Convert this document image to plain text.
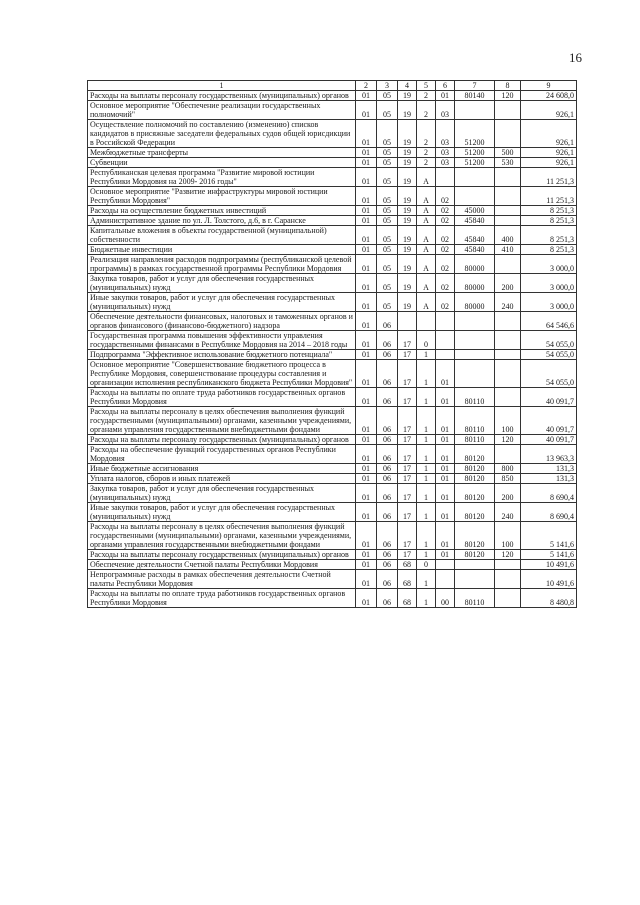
16
1	2	3	4	5	6	7	8	9
Расходы на выплаты персоналу государственных (муниципальных) органов	01	05	19	2	01	80140	120	24 608,0
Основное мероприятие "Обеспечение реализации государственных полномочий"	01	05	19	2	03			926,1
Осуществление полномочий по составлению (изменению) списков кандидатов в присяжные заседатели федеральных судов общей юрисдикции в Российской Федерации	01	05	19	2	03	51200		926,1
Межбюджетные трансферты	01	05	19	2	03	51200	500	926,1
Субвенции	01	05	19	2	03	51200	530	926,1
Республиканская целевая программа "Развитие мировой юстиции Республики Мордовия на 2009- 2016 годы"	01	05	19	А				11 251,3
Основное мероприятие "Развитие инфраструктуры мировой юстиции Республики Мордовия"	01	05	19	А	02			11 251,3
Расходы на осуществление бюджетных инвестиций	01	05	19	А	02	45000		8 251,3
Административное здание по ул. Л. Толстого, д.6, в г. Саранске	01	05	19	А	02	45840		8 251,3
Капитальные вложения в объекты государственной (муниципальной) собственности	01	05	19	А	02	45840	400	8 251,3
Бюджетные инвестиции	01	05	19	А	02	45840	410	8 251,3
Реализация направления расходов подпрограммы (республиканской целевой программы) в рамках государственной программы Республики Мордовия	01	05	19	А	02	80000		3 000,0
Закупка товаров, работ и услуг для обеспечения государственных (муниципальных) нужд	01	05	19	А	02	80000	200	3 000,0
Иные закупки товаров, работ и услуг для обеспечения государственных (муниципальных) нужд	01	05	19	А	02	80000	240	3 000,0
Обеспечение деятельности финансовых, налоговых и таможенных органов и органов финансового (финансово-бюджетного) надзора	01	06						64 546,6
Государственная программа повышения эффективности управления государственными финансами в Республике Мордовия на 2014 – 2018 годы	01	06	17	0				54 055,0
Подпрограмма "Эффективное использование бюджетного потенциала"	01	06	17	1				54 055,0
Основное мероприятие "Совершенствование бюджетного процесса в Республике Мордовия, совершенствование процедуры составления и организации исполнения республиканского бюджета Республики Мордовия"	01	06	17	1	01			54 055,0
Расходы на выплаты по оплате труда работников государственных органов Республики Мордовия	01	06	17	1	01	80110		40 091,7
Расходы на выплаты персоналу в целях обеспечения выполнения функций государственными (муниципальными) органами, казенными учреждениями, органами управления государственными внебюджетными фондами	01	06	17	1	01	80110	100	40 091,7
Расходы на выплаты персоналу государственных (муниципальных) органов	01	06	17	1	01	80110	120	40 091,7
Расходы на обеспечение функций государственных органов Республики Мордовия	01	06	17	1	01	80120		13 963,3
Иные бюджетные ассигнования	01	06	17	1	01	80120	800	131,3
Уплата налогов, сборов и иных платежей	01	06	17	1	01	80120	850	131,3
Закупка товаров, работ и услуг для обеспечения государственных (муниципальных) нужд	01	06	17	1	01	80120	200	8 690,4
Иные закупки товаров, работ и услуг для обеспечения государственных (муниципальных) нужд	01	06	17	1	01	80120	240	8 690,4
Расходы на выплаты персоналу в целях обеспечения выполнения функций государственными (муниципальными) органами, казенными учреждениями, органами управления государственными внебюджетными фондами	01	06	17	1	01	80120	100	5 141,6
Расходы на выплаты персоналу государственных (муниципальных) органов	01	06	17	1	01	80120	120	5 141,6
Обеспечение деятельности Счетной палаты Республики Мордовия	01	06	68	0				10 491,6
Непрограммные расходы в рамках обеспечения деятельности Счетной палаты Республики Мордовия	01	06	68	1				10 491,6
Расходы на выплаты по оплате труда работников государственных органов Республики Мордовия	01	06	68	1	00	80110		8 480,8
